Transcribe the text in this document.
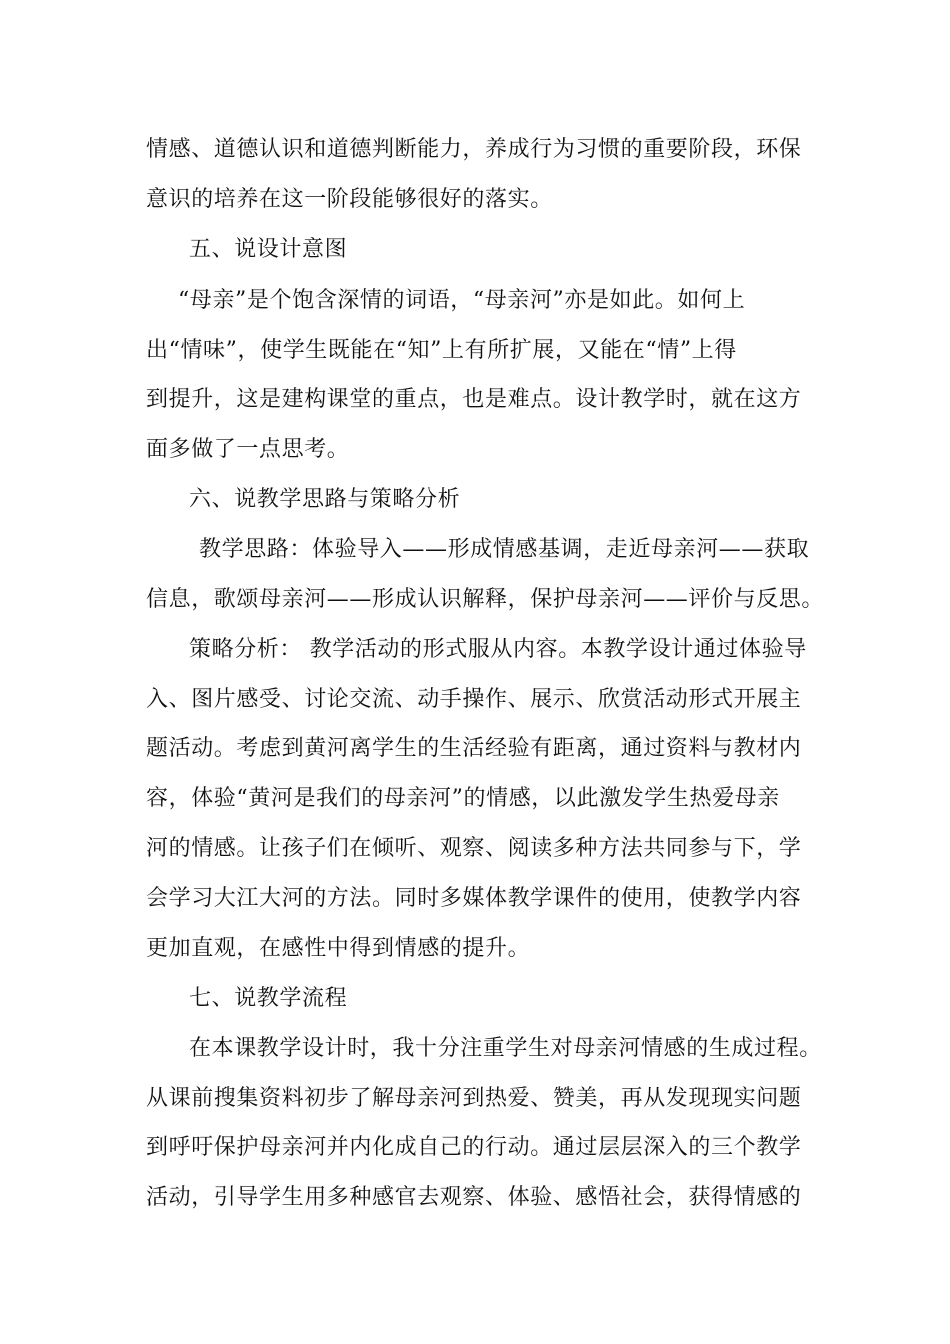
情感、道德认识和道德判断能力，养成行为习惯的重要阶段，环保
意识的培养在这一阶段能够很好的落实。
五、说设计意图
“母亲”是个饱含深情的词语，“母亲河”亦是如此。如何上
出“情味”，使学生既能在“知”上有所扩展，又能在“情”上得
到提升，这是建构课堂的重点，也是难点。设计教学时，就在这方
面多做了一点思考。
六、说教学思路与策略分析
教学思路：体验导入——形成情感基调，走近母亲河——获取
信息，歌颂母亲河——形成认识解释，保护母亲河——评价与反思。
策略分析： 教学活动的形式服从内容。本教学设计通过体验导
入、图片感受、讨论交流、动手操作、展示、欣赏活动形式开展主
题活动。考虑到黄河离学生的生活经验有距离，通过资料与教材内
容，体验“黄河是我们的母亲河”的情感，以此激发学生热爱母亲
河的情感。让孩子们在倾听、观察、阅读多种方法共同参与下，学
会学习大江大河的方法。同时多媒体教学课件的使用，使教学内容
更加直观，在感性中得到情感的提升。
七、说教学流程
在本课教学设计时，我十分注重学生对母亲河情感的生成过程。
从课前搜集资料初步了解母亲河到热爱、赞美，再从发现现实问题
到呼吁保护母亲河并内化成自己的行动。通过层层深入的三个教学
活动，引导学生用多种感官去观察、体验、感悟社会，获得情感的
